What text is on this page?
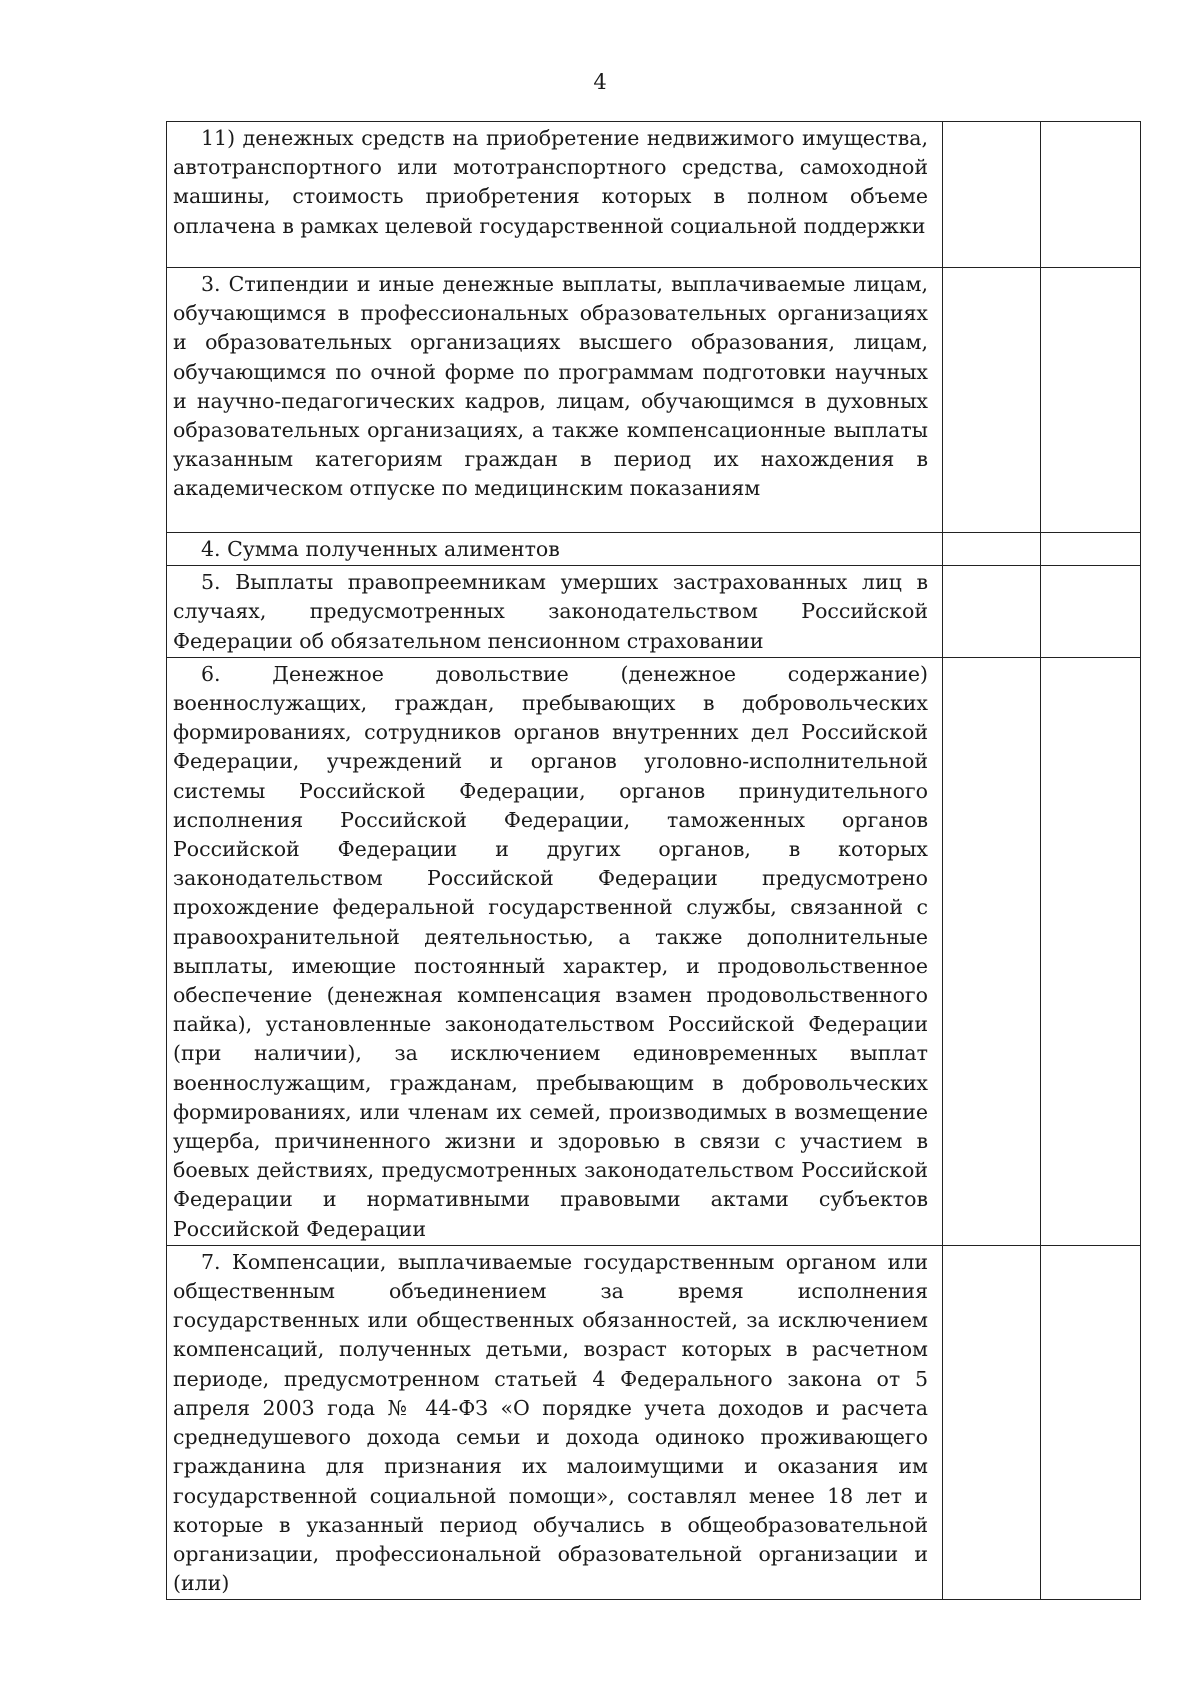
4
11) денежных средств на приобретение недвижимого имущества, автотранспортного или мототранспортного средства, самоходной машины, стоимость приобретения которых в полном объеме оплачена в рамках целевой государственной социальной поддержки		
3. Стипендии и иные денежные выплаты, выплачиваемые лицам, обучающимся в профессиональных образовательных организациях и образовательных организациях высшего образования, лицам, обучающимся по очной форме по программам подготовки научных и научно-педагогических кадров, лицам, обучающимся в духовных образовательных организациях, а также компенсационные выплаты указанным категориям граждан в период их нахождения в академическом отпуске по медицинским показаниям		
4. Сумма полученных алиментов		
5. Выплаты правопреемникам умерших застрахованных лиц в случаях, предусмотренных законодательством Российской Федерации об обязательном пенсионном страховании		
6. Денежное довольствие (денежное содержание) военнослужащих, граждан, пребывающих в добровольческих формированиях, сотрудников органов внутренних дел Российской Федерации, учреждений и органов уголовно-исполнительной системы Российской Федерации, органов принудительного исполнения Российской Федерации, таможенных органов Российской Федерации и других органов, в которых законодательством Российской Федерации предусмотрено прохождение федеральной государственной службы, связанной с правоохранительной деятельностью, а также дополнительные выплаты, имеющие постоянный характер, и продовольственное обеспечение (денежная компенсация взамен продовольственного пайка), установленные законодательством Российской Федерации (при наличии), за исключением единовременных выплат военнослужащим, гражданам, пребывающим в добровольческих формированиях, или членам их семей, производимых в возмещение ущерба, причиненного жизни и здоровью в связи с участием в боевых действиях, предусмотренных законодательством Российской Федерации и нормативными правовыми актами субъектов Российской Федерации		
7. Компенсации, выплачиваемые государственным органом или общественным объединением за время исполнения государственных или общественных обязанностей, за исключением компенсаций, полученных детьми, возраст которых в расчетном периоде, предусмотренном статьей 4 Федерального закона от 5 апреля 2003 года № 44-ФЗ «О порядке учета доходов и расчета среднедушевого дохода семьи и дохода одиноко проживающего гражданина для признания их малоимущими и оказания им государственной социальной помощи», составлял менее 18 лет и которые в указанный период обучались в общеобразовательной организации, профессиональной образовательной организации и (или)		
